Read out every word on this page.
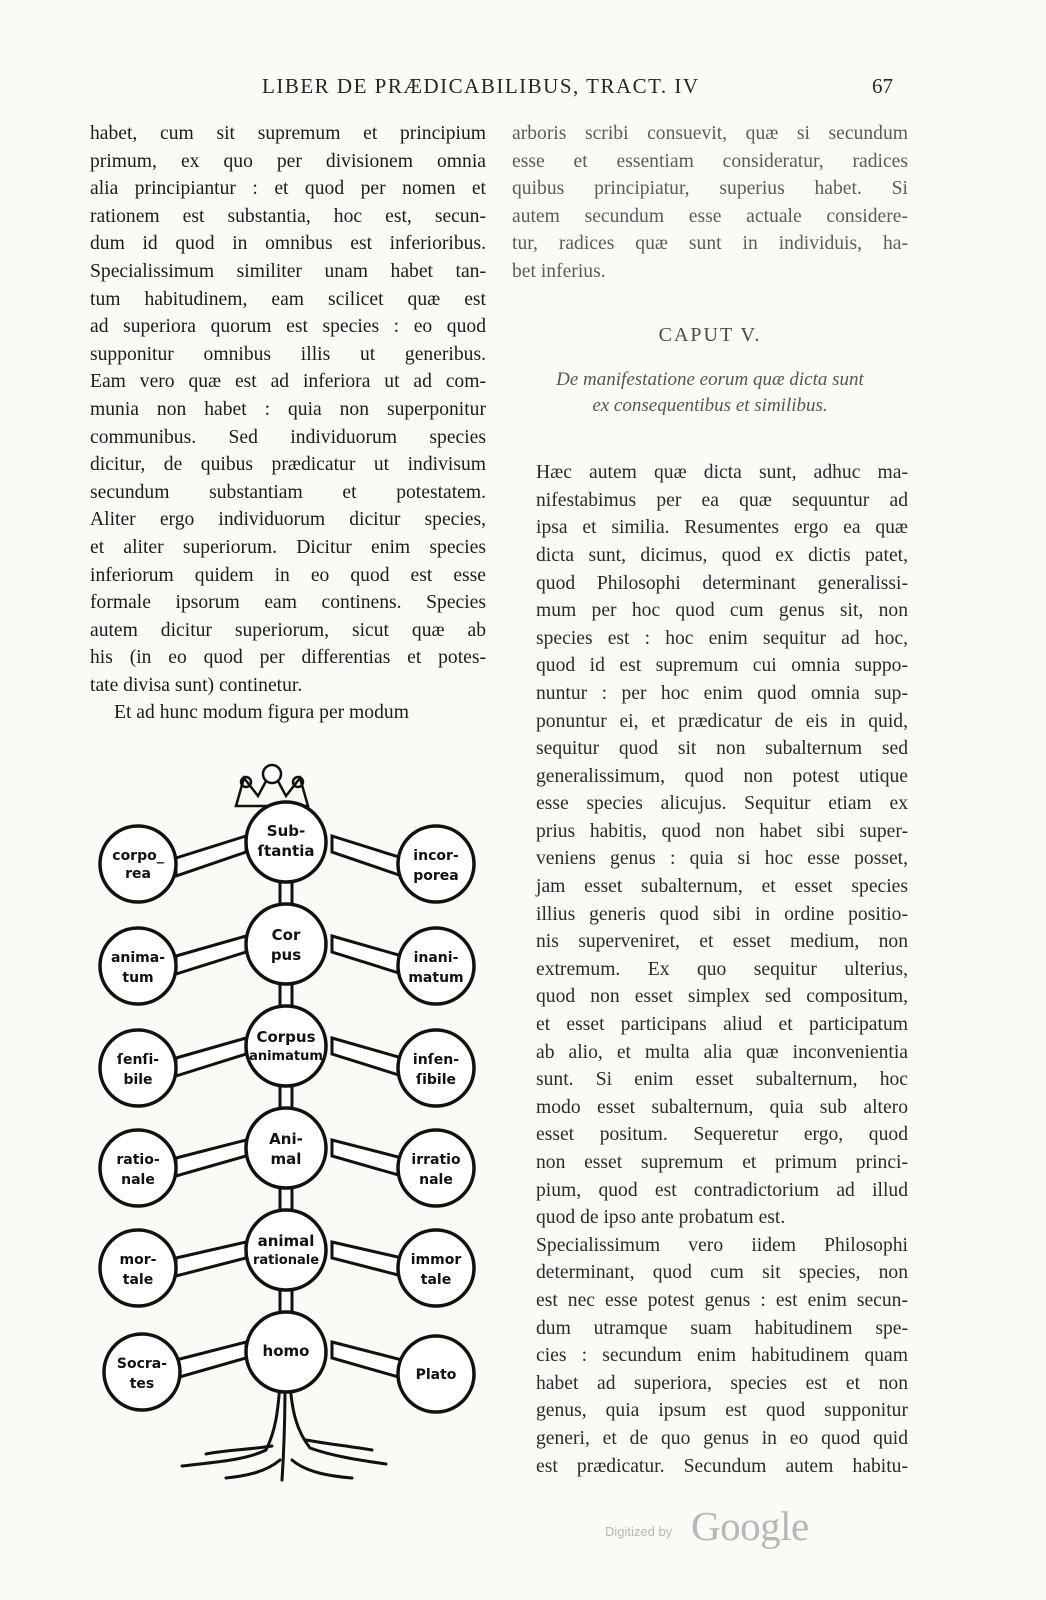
LIBER DE PRÆDICABILIBUS, TRACT. IV	67

habet, cum sit supremum et principium
primum, ex quo per divisionem omnia
alia principiantur : et quod per nomen et
rationem est substantia, hoc est, secun-
dum id quod in omnibus est inferioribus.
Specialissimum similiter unam habet tan-
tum habitudinem, eam scilicet quæ est
ad superiora quorum est species : eo quod
supponitur omnibus illis ut generibus.
Eam vero quæ est ad inferiora ut ad com-
munia non habet : quia non superponitur
communibus. Sed individuorum species
dicitur, de quibus prædicatur ut indivisum
secundum substantiam et potestatem.
Aliter ergo individuorum dicitur species,
et aliter superiorum. Dicitur enim species
inferiorum quidem in eo quod est esse
formale ipsorum eam continens. Species
autem dicitur superiorum, sicut quæ ab
his (in eo quod per differentias et potes-
tate divisa sunt) continetur.

Et ad hunc modum figura per modum

arboris scribi consuevit, quæ si secundum
esse et essentiam consideratur, radices
quibus principiatur, superius habet. Si
autem secundum esse actuale considere-
tur, radices quæ sunt in individuis, ha-
bet inferius.

CAPUT V.
De manifestatione eorum quæ dicta sunt
ex consequentibus et similibus.

Hæc autem quæ dicta sunt, adhuc ma-
nifestabimus per ea quæ sequuntur ad
ipsa et similia. Resumentes ergo ea quæ
dicta sunt, dicimus, quod ex dictis patet,
quod Philosophi determinant generalissi-
mum per hoc quod cum genus sit, non
species est : hoc enim sequitur ad hoc,
quod id est supremum cui omnia suppo-
nuntur : per hoc enim quod omnia sup-
ponuntur ei, et prædicatur de eis in quid,
sequitur quod sit non subalternum sed
generalissimum, quod non potest utique
esse species alicujus. Sequitur etiam ex
prius habitis, quod non habet sibi super-
veniens genus : quia si hoc esse posset,
jam esset subalternum, et esset species
illius generis quod sibi in ordine positio-
nis superveniret, et esset medium, non
extremum. Ex quo sequitur ulterius,
quod non esset simplex sed compositum,
et esset participans aliud et participatum
ab alio, et multa alia quæ inconvenientia
sunt. Si enim esset subalternum, hoc
modo esset subalternum, quia sub altero
esset positum. Sequeretur ergo, quod
non esset supremum et primum princi-
pium, quod est contradictorium ad illud
quod de ipso ante probatum est.

Specialissimum vero iidem Philosophi
determinant, quod cum sit species, non
est nec esse potest genus : est enim secun-
dum utramque suam habitudinem spe-
cies : secundum enim habitudinem quam
habet ad superiora, species est et non
genus, quia ipsum est quod supponitur
generi, et de quo genus in eo quod quid
est prædicatur. Secundum autem habitu-

Sub-
ſtantia
Cor
pus
Corpus
animatum
Ani-
mal
animal
rationale
homo
corpo_
rea
anima-
tum
ſenſi-
bile
ratio-
nale
mor-
tale
Socra-
tes
incor-
porea
inani-
matum
inſen-
ſibile
irratio
nale
immor
tale
Plato
Digitized by Google
